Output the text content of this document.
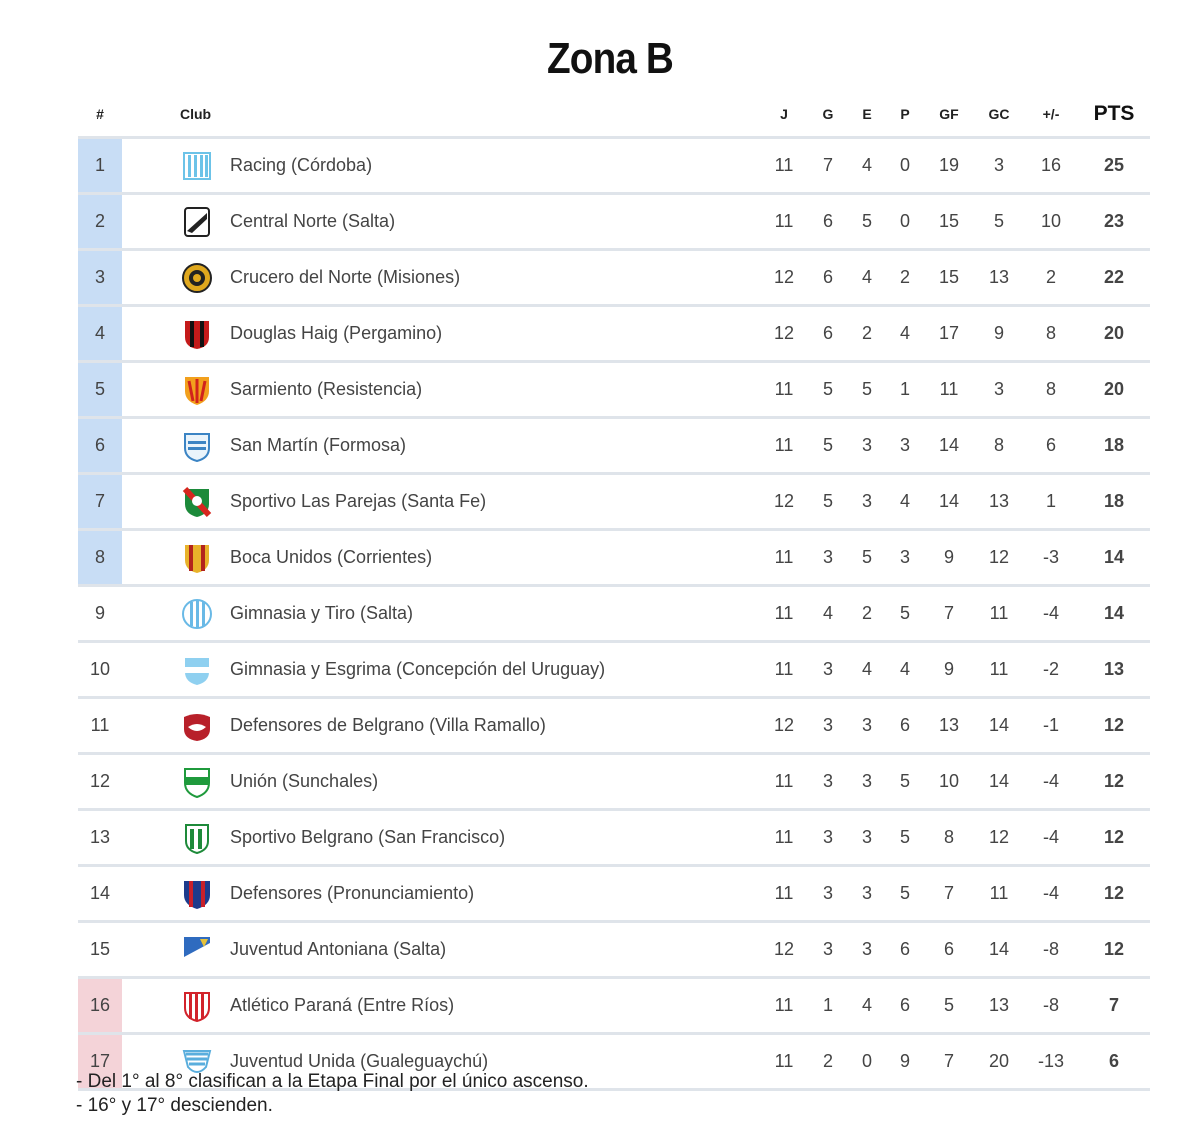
Zona B
#	Club	J	G	E	P	GF	GC	+/-	PTS
1	Racing (Córdoba)	11	7	4	0	19	3	16	25
2	Central Norte (Salta)	11	6	5	0	15	5	10	23
3	Crucero del Norte (Misiones)	12	6	4	2	15	13	2	22
4	Douglas Haig (Pergamino)	12	6	2	4	17	9	8	20
5	Sarmiento (Resistencia)	11	5	5	1	11	3	8	20
6	San Martín (Formosa)	11	5	3	3	14	8	6	18
7	Sportivo Las Parejas (Santa Fe)	12	5	3	4	14	13	1	18
8	Boca Unidos (Corrientes)	11	3	5	3	9	12	-3	14
9	Gimnasia y Tiro (Salta)	11	4	2	5	7	11	-4	14
10	Gimnasia y Esgrima (Concepción del Uruguay)	11	3	4	4	9	11	-2	13
11	Defensores de Belgrano (Villa Ramallo)	12	3	3	6	13	14	-1	12
12	Unión (Sunchales)	11	3	3	5	10	14	-4	12
13	Sportivo Belgrano (San Francisco)	11	3	3	5	8	12	-4	12
14	Defensores (Pronunciamiento)	11	3	3	5	7	11	-4	12
15	Juventud Antoniana (Salta)	12	3	3	6	6	14	-8	12
16	Atlético Paraná (Entre Ríos)	11	1	4	6	5	13	-8	7
17	Juventud Unida (Gualeguaychú)	11	2	0	9	7	20	-13	6
- Del 1° al 8° clasifican a la Etapa Final por el único ascenso.
- 16° y 17° descienden.
